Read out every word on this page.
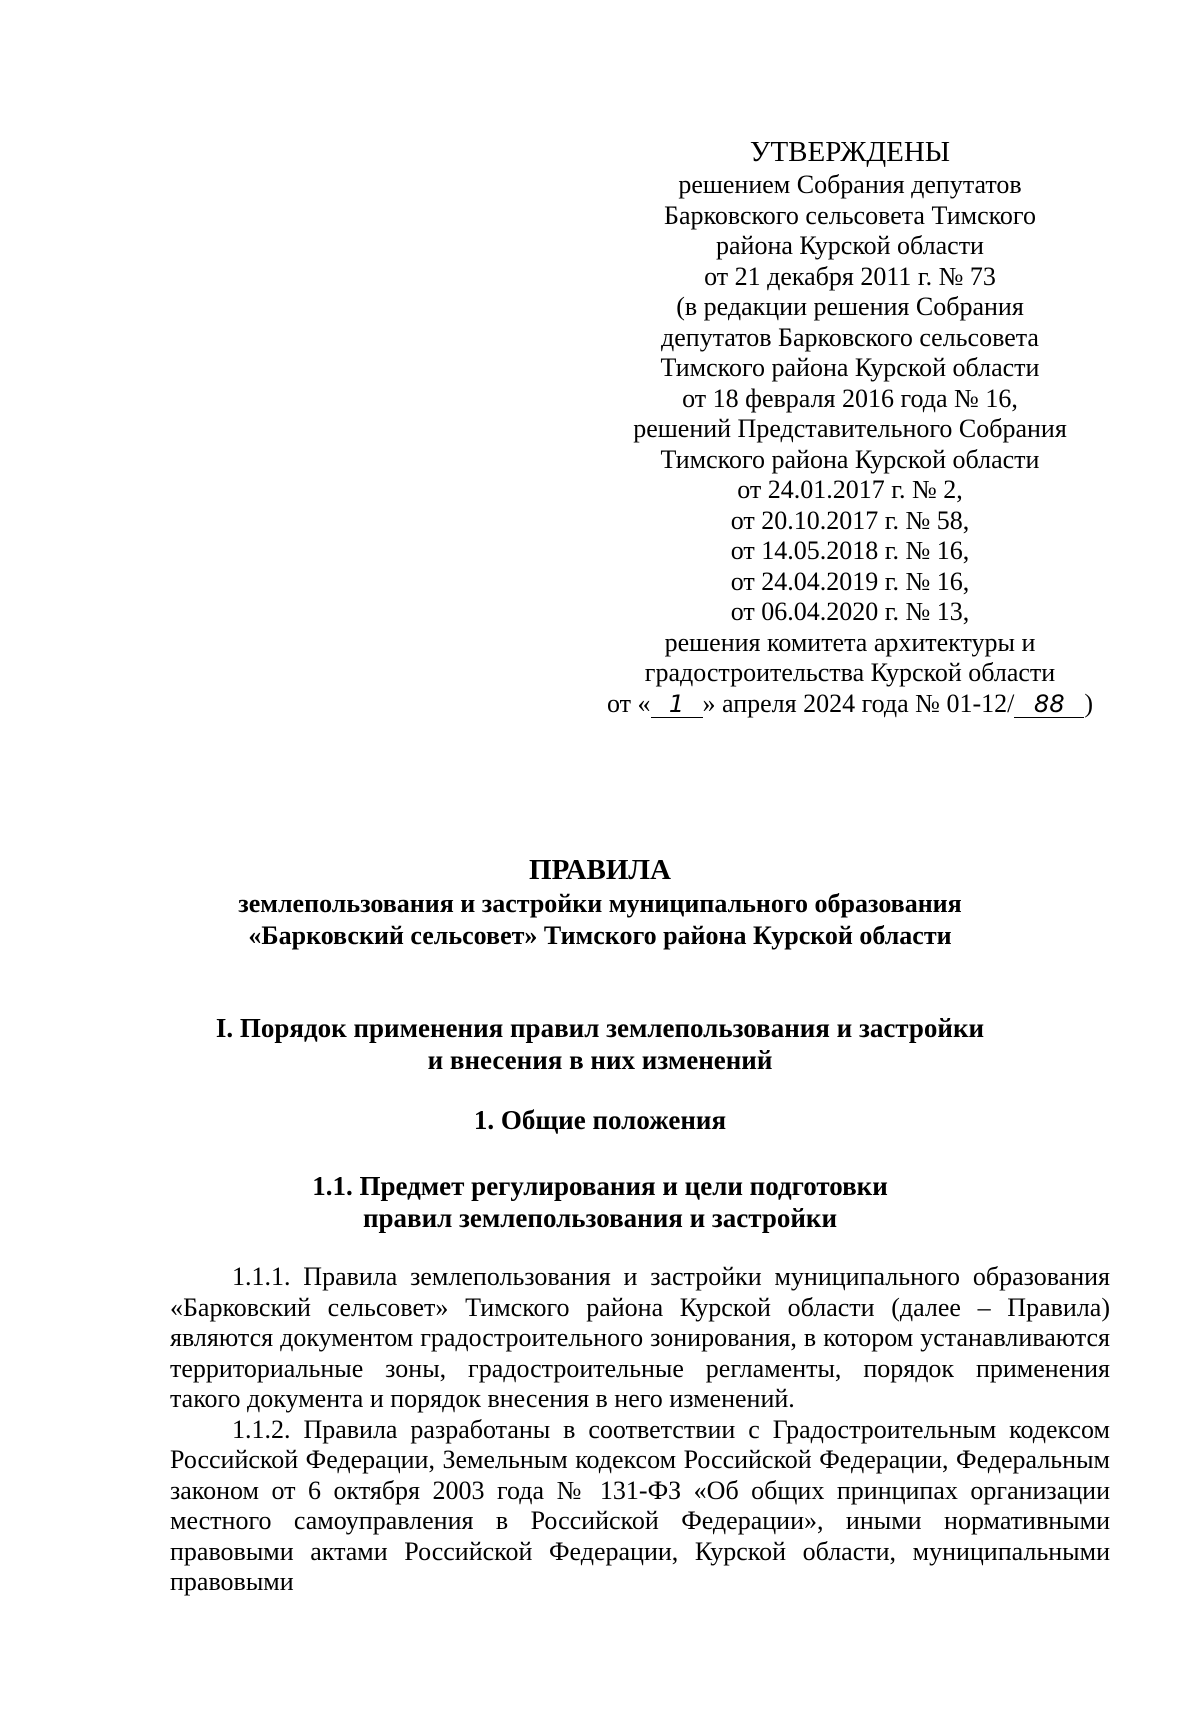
УТВЕРЖДЕНЫ
решением Собрания депутатов
Барковского сельсовета Тимского
района Курской области
от 21 декабря 2011 г. № 73
(в редакции решения Собрания
депутатов Барковского сельсовета
Тимского района Курской области
от 18 февраля 2016 года № 16,
решений Представительного Собрания
Тимского района Курской области
от 24.01.2017 г. № 2,
от 20.10.2017 г. № 58,
от 14.05.2018 г. № 16,
от 24.04.2019 г. № 16,
от 06.04.2020 г. № 13,
решения комитета архитектуры и
градостроительства Курской области
от « 1 » апреля 2024 года № 01-12/ 88 )
ПРАВИЛА
землепользования и застройки муниципального образования
«Барковский сельсовет» Тимского района Курской области
I. Порядок применения правил землепользования и застройки
и внесения в них изменений
1. Общие положения
1.1. Предмет регулирования и цели подготовки
правил землепользования и застройки

1.1.1. Правила землепользования и застройки муниципального образования «Барковский сельсовет» Тимского района Курской области (далее – Правила) являются документом градостроительного зонирования, в котором устанавливаются территориальные зоны, градостроительные регламенты, порядок применения такого документа и порядок внесения в него изменений.

1.1.2. Правила разработаны в соответствии с Градостроительным кодексом Российской Федерации, Земельным кодексом Российской Федерации, Федеральным законом от 6 октября 2003 года № 131-ФЗ «Об общих принципах организации местного самоуправления в Российской Федерации», иными нормативными правовыми актами Российской Федерации, Курской области, муниципальными правовыми
